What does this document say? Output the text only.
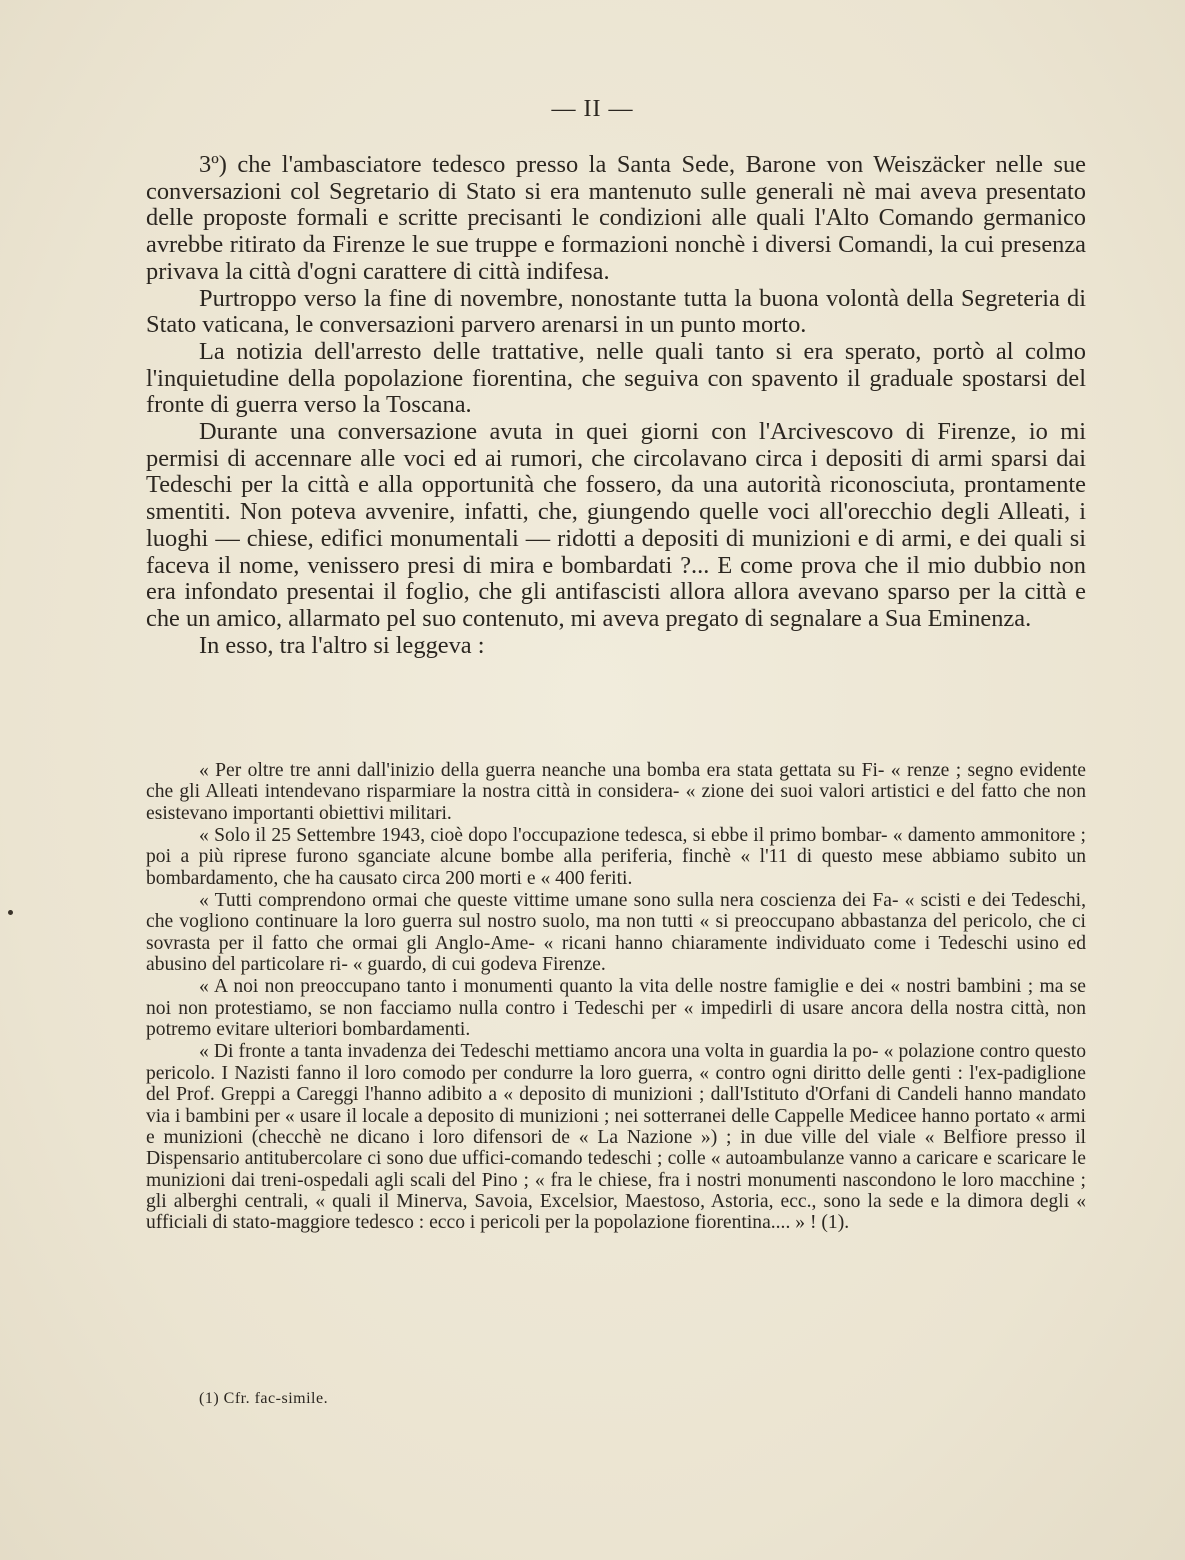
— II —

3º) che l'ambasciatore tedesco presso la Santa Sede, Barone von Weiszäcker nelle sue conversazioni col Segretario di Stato si era mantenuto sulle generali nè mai aveva presentato delle proposte formali e scritte precisanti le condizioni alle quali l'Alto Comando germanico avrebbe ritirato da Firenze le sue truppe e formazioni nonchè i diversi Comandi, la cui presenza privava la città d'ogni carattere di città indifesa.

Purtroppo verso la fine di novembre, nonostante tutta la buona volontà della Segreteria di Stato vaticana, le conversazioni parvero arenarsi in un punto morto.

La notizia dell'arresto delle trattative, nelle quali tanto si era sperato, portò al colmo l'inquietudine della popolazione fiorentina, che seguiva con spavento il graduale spostarsi del fronte di guerra verso la Toscana.

Durante una conversazione avuta in quei giorni con l'Arcivescovo di Firenze, io mi permisi di accennare alle voci ed ai rumori, che circolavano circa i depositi di armi sparsi dai Tedeschi per la città e alla opportunità che fossero, da una autorità riconosciuta, prontamente smentiti. Non poteva avvenire, infatti, che, giungendo quelle voci all'orecchio degli Alleati, i luoghi — chiese, edifici monumentali — ridotti a depositi di munizioni e di armi, e dei quali si faceva il nome, venissero presi di mira e bombardati ?... E come prova che il mio dubbio non era infondato presentai il foglio, che gli antifascisti allora allora avevano sparso per la città e che un amico, allarmato pel suo contenuto, mi aveva pregato di segnalare a Sua Eminenza.

In esso, tra l'altro si leggeva :

« Per oltre tre anni dall'inizio della guerra neanche una bomba era stata gettata su Fi- « renze ; segno evidente che gli Alleati intendevano risparmiare la nostra città in considera- « zione dei suoi valori artistici e del fatto che non esistevano importanti obiettivi militari.

« Solo il 25 Settembre 1943, cioè dopo l'occupazione tedesca, si ebbe il primo bombar- « damento ammonitore ; poi a più riprese furono sganciate alcune bombe alla periferia, finchè « l'11 di questo mese abbiamo subito un bombardamento, che ha causato circa 200 morti e « 400 feriti.

« Tutti comprendono ormai che queste vittime umane sono sulla nera coscienza dei Fa- « scisti e dei Tedeschi, che vogliono continuare la loro guerra sul nostro suolo, ma non tutti « si preoccupano abbastanza del pericolo, che ci sovrasta per il fatto che ormai gli Anglo-Ame- « ricani hanno chiaramente individuato come i Tedeschi usino ed abusino del particolare ri- « guardo, di cui godeva Firenze.

« A noi non preoccupano tanto i monumenti quanto la vita delle nostre famiglie e dei « nostri bambini ; ma se noi non protestiamo, se non facciamo nulla contro i Tedeschi per « impedirli di usare ancora della nostra città, non potremo evitare ulteriori bombardamenti.

« Di fronte a tanta invadenza dei Tedeschi mettiamo ancora una volta in guardia la po- « polazione contro questo pericolo. I Nazisti fanno il loro comodo per condurre la loro guerra, « contro ogni diritto delle genti : l'ex-padiglione del Prof. Greppi a Careggi l'hanno adibito a « deposito di munizioni ; dall'Istituto d'Orfani di Candeli hanno mandato via i bambini per « usare il locale a deposito di munizioni ; nei sotterranei delle Cappelle Medicee hanno portato « armi e munizioni (checchè ne dicano i loro difensori de « La Nazione ») ; in due ville del viale « Belfiore presso il Dispensario antitubercolare ci sono due uffici-comando tedeschi ; colle « autoambulanze vanno a caricare e scaricare le munizioni dai treni-ospedali agli scali del Pino ; « fra le chiese, fra i nostri monumenti nascondono le loro macchine ; gli alberghi centrali, « quali il Minerva, Savoia, Excelsior, Maestoso, Astoria, ecc., sono la sede e la dimora degli « ufficiali di stato-maggiore tedesco : ecco i pericoli per la popolazione fiorentina.... » ! (1).

(1) Cfr. fac-simile.
